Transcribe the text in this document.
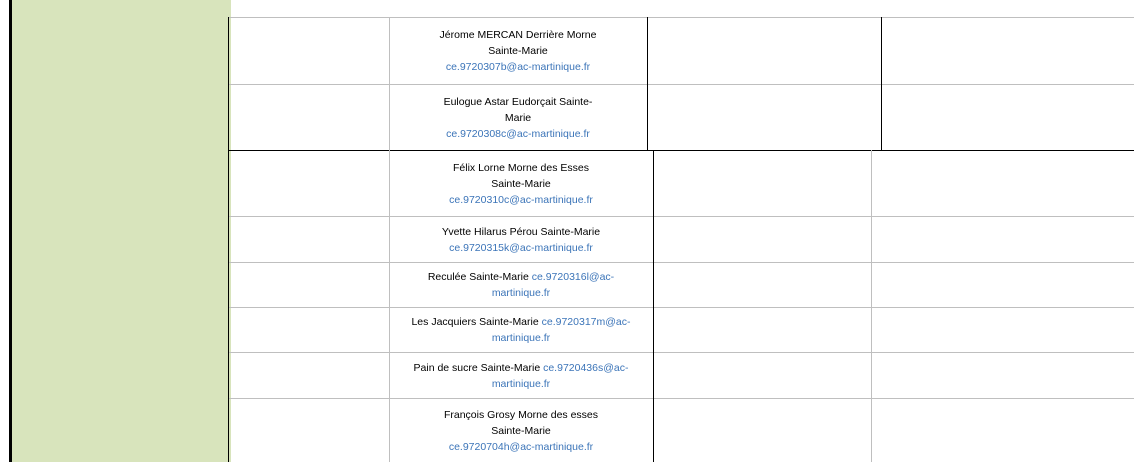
Jérome MERCAN Derrière Morne
Sainte-Marie
ce.9720307b@ac-martinique.fr
Eulogue Astar Eudorçait Sainte-
Marie
ce.9720308c@ac-martinique.fr
Félix Lorne Morne des Esses
Sainte-Marie
ce.9720310c@ac-martinique.fr
Yvette Hilarus Pérou Sainte-Marie
ce.9720315k@ac-martinique.fr
Reculée Sainte-Marie ce.9720316l@ac-
martinique.fr
Les Jacquiers Sainte-Marie ce.9720317m@ac-
martinique.fr
Pain de sucre Sainte-Marie ce.9720436s@ac-
martinique.fr
François Grosy Morne des esses
Sainte-Marie
ce.9720704h@ac-martinique.fr
